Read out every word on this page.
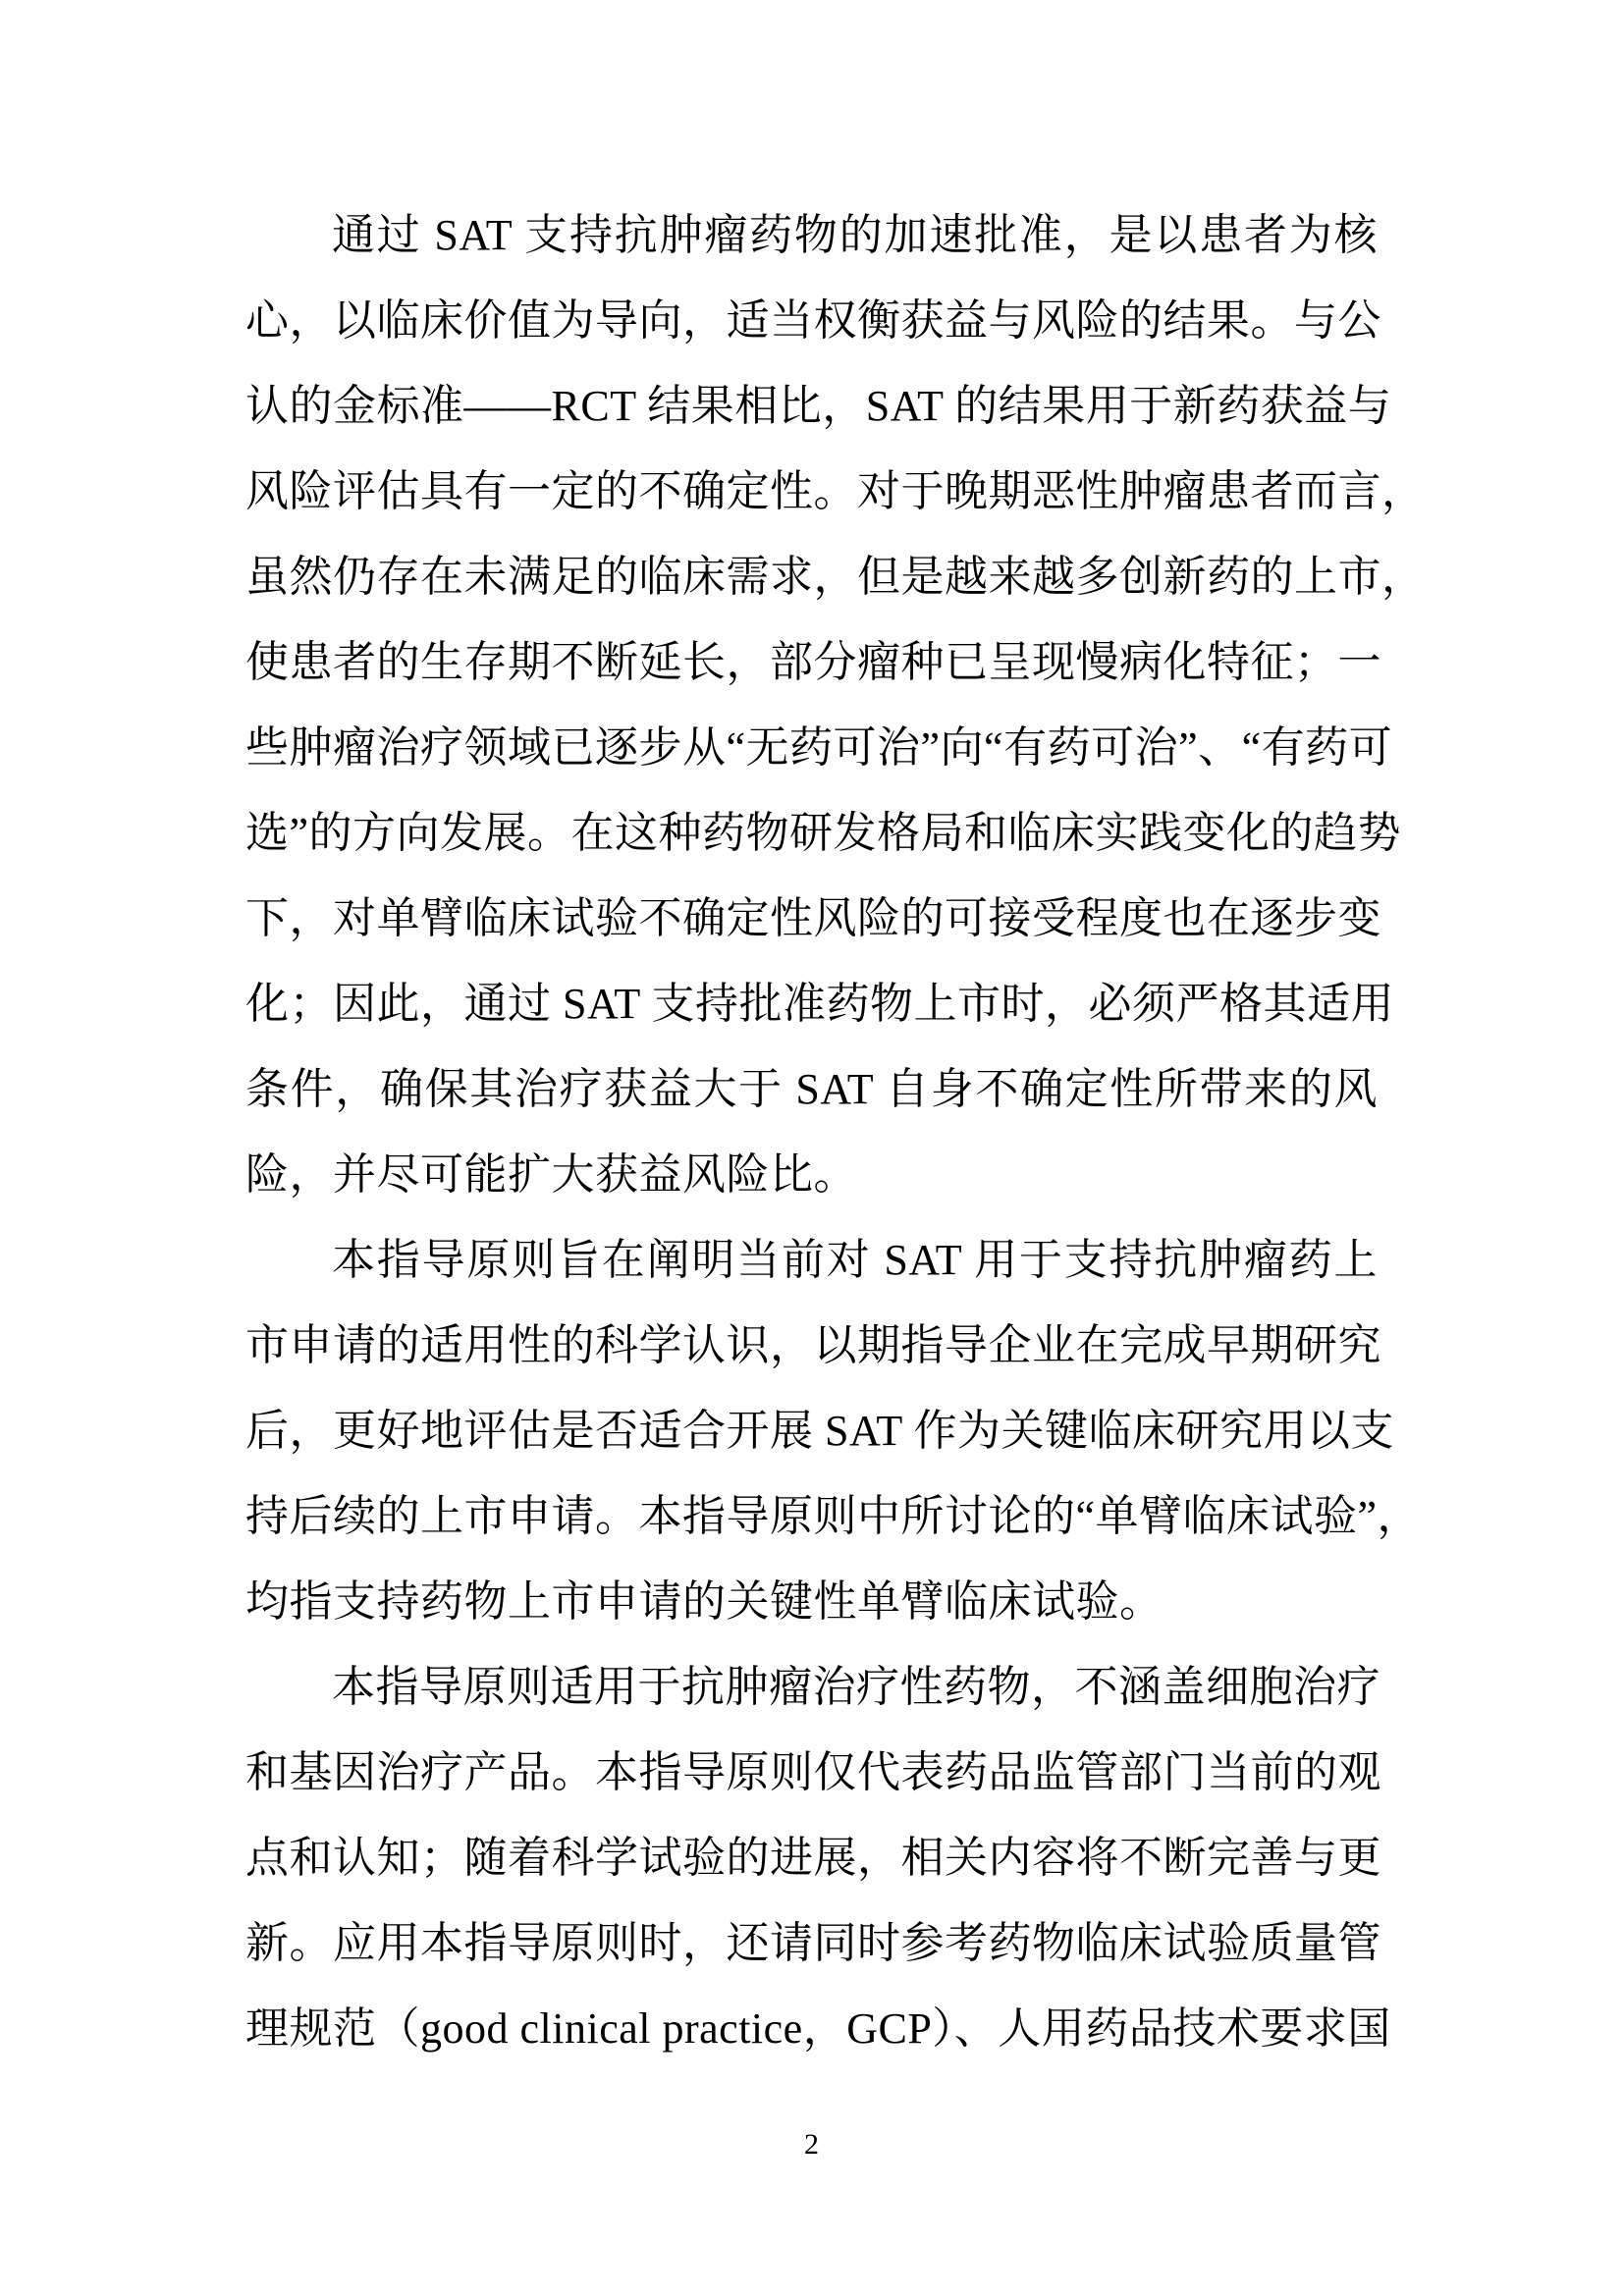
通过 SAT 支持抗肿瘤药物的加速批准，是以患者为核
心，以临床价值为导向，适当权衡获益与风险的结果。与公
认的金标准——RCT 结果相比，SAT 的结果用于新药获益与
风险评估具有一定的不确定性。对于晚期恶性肿瘤患者而言，
虽然仍存在未满足的临床需求，但是越来越多创新药的上市，
使患者的生存期不断延长，部分瘤种已呈现慢病化特征；一
些肿瘤治疗领域已逐步从“无药可治”向“有药可治”、“有药可
选”的方向发展。在这种药物研发格局和临床实践变化的趋势
下，对单臂临床试验不确定性风险的可接受程度也在逐步变
化；因此，通过 SAT 支持批准药物上市时，必须严格其适用
条件，确保其治疗获益大于 SAT 自身不确定性所带来的风
险，并尽可能扩大获益风险比。
本指导原则旨在阐明当前对 SAT 用于支持抗肿瘤药上
市申请的适用性的科学认识，以期指导企业在完成早期研究
后，更好地评估是否适合开展 SAT 作为关键临床研究用以支
持后续的上市申请。本指导原则中所讨论的“单臂临床试验”，
均指支持药物上市申请的关键性单臂临床试验。
本指导原则适用于抗肿瘤治疗性药物，不涵盖细胞治疗
和基因治疗产品。本指导原则仅代表药品监管部门当前的观
点和认知；随着科学试验的进展，相关内容将不断完善与更
新。应用本指导原则时，还请同时参考药物临床试验质量管
理规范（good clinical practice，GCP）、人用药品技术要求国
2
